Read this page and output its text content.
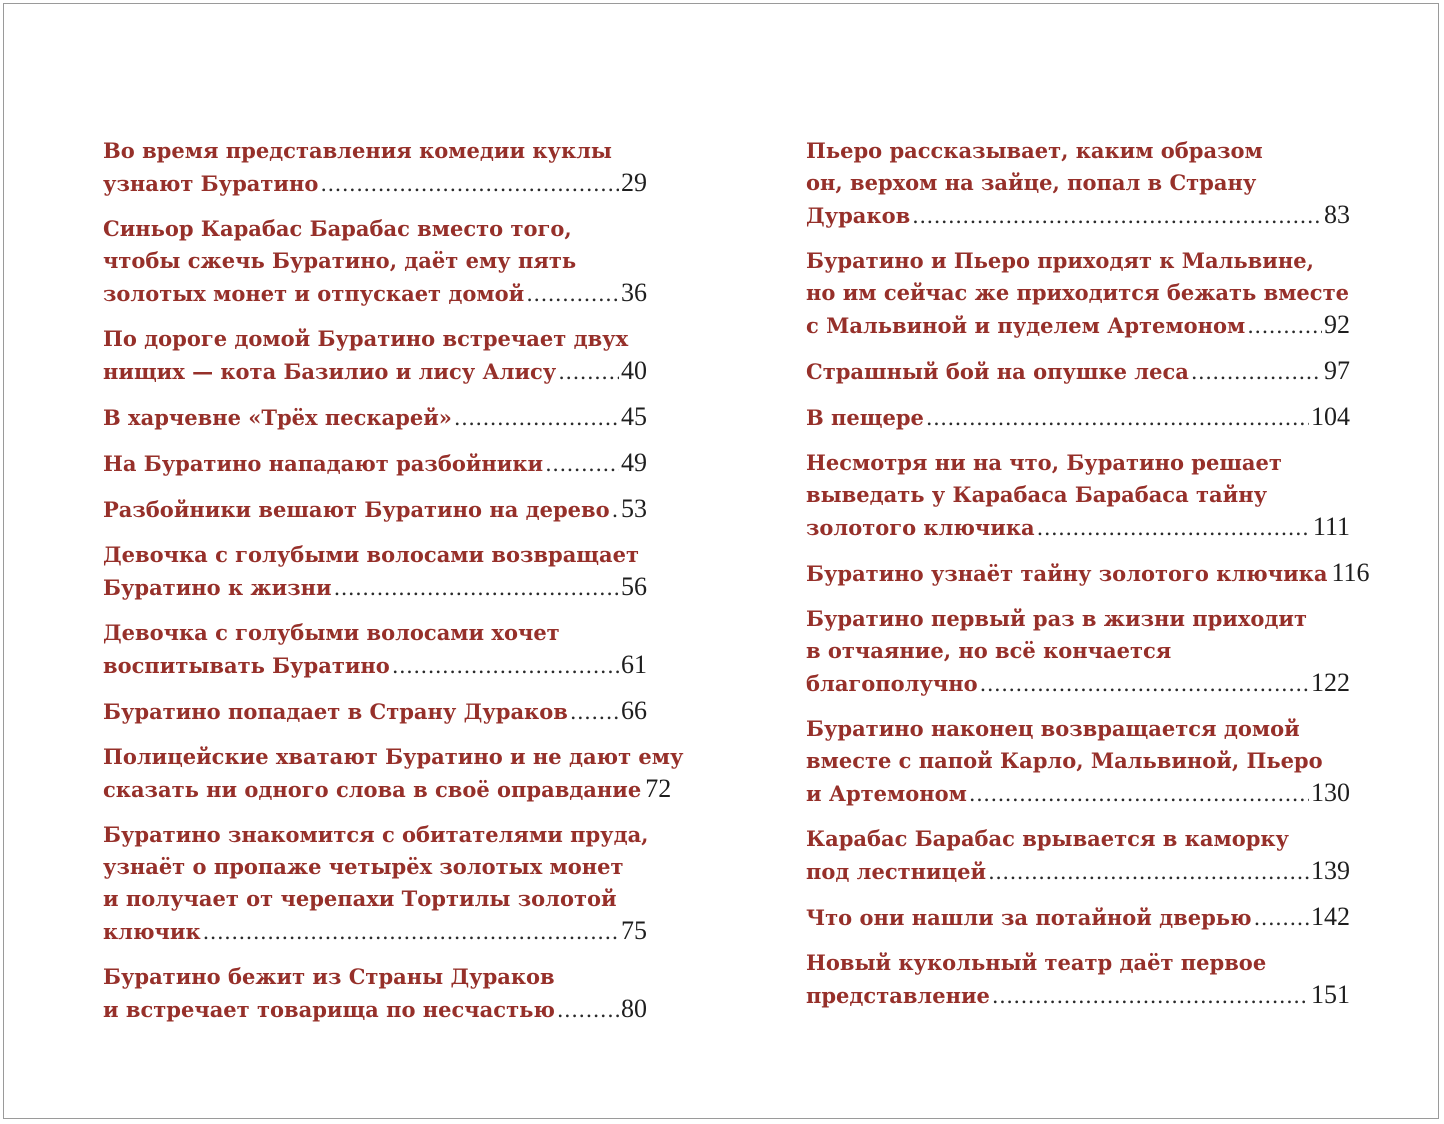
Во время представления комедии куклы
узнают Буратино .....	29
Синьор Карабас Барабас вместо того,
чтобы сжечь Буратино, даёт ему пять
золотых монет и отпускает домой .....	36
По дороге домой Буратино встречает двух
нищих — кота Базилио и лису Алису ..... 40
В харчевне «Трёх пескарей» .....	45
На Буратино нападают разбойники .....	49
Разбойники вешают Буратино на дерево ..... 53
Девочка с голубыми волосами возвращает
Буратино к жизни .....	56
Девочка с голубыми волосами хочет
воспитывать Буратино .....	61
Буратино попадает в Страну Дураков ..... 66
Полицейские хватают Буратино и не дают ему
сказать ни одного слова в своё оправдание 72
Буратино знакомится с обитателями пруда,
узнаёт о пропаже четырёх золотых монет
и получает от черепахи Тортилы золотой
ключик .....	75
Буратино бежит из Страны Дураков
и встречает товарища по несчастью .....	80
Пьеро рассказывает, каким образом
он, верхом на зайце, попал в Страну
Дураков .....	83
Буратино и Пьеро приходят к Мальвине,
но им сейчас же приходится бежать вместе
с Мальвиной и пуделем Артемоном .....	92
Страшный бой на опушке леса .....	97
В пещере .....	104
Несмотря ни на что, Буратино решает
выведать у Карабаса Барабаса тайну
золотого ключика .....	111
Буратино узнаёт тайну золотого ключика 116
Буратино первый раз в жизни приходит
в отчаяние, но всё кончается
благополучно .....	122
Буратино наконец возвращается домой
вместе с папой Карло, Мальвиной, Пьеро
и Артемоном .....	130
Карабас Барабас врывается в каморку
под лестницей .....	139
Что они нашли за потайной дверью ..... 142
Новый кукольный театр даёт первое
представление .....	151
